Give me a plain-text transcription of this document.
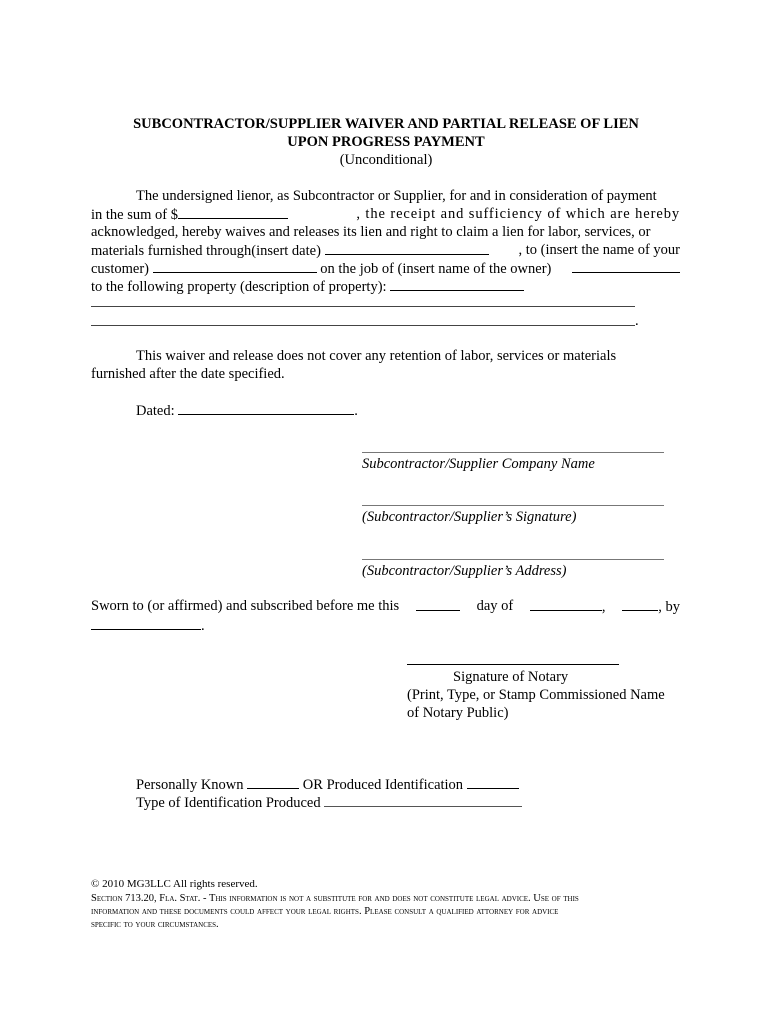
SUBCONTRACTOR/SUPPLIER WAIVER AND PARTIAL RELEASE OF LIEN
UPON PROGRESS PAYMENT
(Unconditional)
The undersigned lienor, as Subcontractor or Supplier, for and in consideration of payment
in the sum of $	, the receipt and sufficiency of which are hereby
acknowledged, hereby waives and releases its lien and right to claim a lien for labor, services, or
materials furnished through(insert date)	, to (insert the name of your
customer)	on the job of (insert name of the owner)
to the following property (description of property):
.
This waiver and release does not cover any retention of labor, services or materials
furnished after the date specified.
Dated:	.
Subcontractor/Supplier Company Name
(Subcontractor/Supplier’s Signature)
(Subcontractor/Supplier’s Address)
Sworn to (or affirmed) and subscribed before me this	day of	,	, by
.
Signature of Notary
(Print, Type, or Stamp Commissioned Name
of Notary Public)
Personally Known	OR Produced Identification
Type of Identification Produced
© 2010 MG3LLC All rights reserved.
Section 713.20, Fla. Stat. - This information is not a substitute for and does not constitute legal advice. Use of this
information and these documents could affect your legal rights. Please consult a qualified attorney for advice
specific to your circumstances.
